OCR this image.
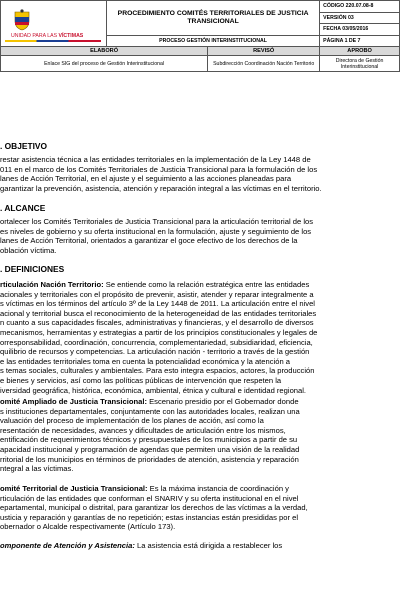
UNIDAD PARA LAS VÍCTIMAS	PROCEDIMIENTO COMITÉS TERRITORIALES DE JUSTICIA TRANSICIONAL		CÓDIGO 220.07.08-8
			VERSIÓN 03
			FECHA 03/05/2016
	PROCESO GESTIÓN INTERINSTITUCIONAL		PÁGINA 1 DE 7
ELABORÓ		REVISÓ	APROBO
Enlace SIG del proceso de Gestión Interinstitucional		Subdirección Coordinación Nación Territorio	Directora de Gestión Interinstitucional
. OBJETIVO
restar asistencia técnica a las entidades territoriales en la implementación de la Ley 1448 de
011 en el marco de los Comités Territoriales de Justicia Transicional para la formulación de los
lanes de Acción Territorial, en el ajuste y el seguimiento a las acciones planeadas para
garantizar la prevención, asistencia, atención y reparación integral a las víctimas en el territorio.
. ALCANCE
ortalecer los Comités Territoriales de Justicia Transicional para la articulación territorial de los
es niveles de gobierno y su oferta institucional en la formulación, ajuste y seguimiento de los
lanes de Acción Territorial, orientados a garantizar el goce efectivo de los derechos de la
oblación víctima.
. DEFINICIONES
rticulación Nación Territorio: Se entiende como la relación estratégica entre las entidades
acionales y territoriales con el propósito de prevenir, asistir, atender y reparar integralmente a
s víctimas en los términos del artículo 3º de la Ley 1448 de 2011. La articulación entre el nivel
acional y territorial busca el reconocimiento de la heterogeneidad de las entidades territoriales
n cuanto a sus capacidades fiscales, administrativas y financieras, y el desarrollo de diversos
mecanismos, herramientas y estrategias a partir de los principios constitucionales y legales de
orresponsabilidad, coordinación, concurrencia, complementariedad, subsidiaridad, eficiencia,
quilibrio de recursos y competencias. La articulación nación - territorio a través de la gestión
e las entidades territoriales toma en cuenta la potencialidad económica y la atención a
s temas sociales, culturales y ambientales. Para esto integra espacios, actores, la producción
e bienes y servicios, así como las políticas públicas de intervención que respeten la
iversidad geográfica, histórica, económica, ambiental, étnica y cultural e identidad regional.
omité Ampliado de Justicia Transicional: Escenario presidio por el Gobernador donde
s instituciones departamentales, conjuntamente con las autoridades locales, realizan una
valuación del proceso de implementación de los planes de acción, así como la
resentación de necesidades, avances y dificultades de articulación entre los mismos,
entificación de requerimientos técnicos y presupuestales de los municipios a partir de su
apacidad institucional y programación de agendas que permiten una visión de la realidad
rritorial de los municipios en términos de prioridades de atención, asistencia y reparación
ntegral a las víctimas.
omité Territorial de Justicia Transicional: Es la máxima instancia de coordinación y
rticulación de las entidades que conforman el SNARIV y su oferta institucional en el nivel
epartamental, municipal o distrital, para garantizar los derechos de las víctimas a la verdad,
usticia y reparación y garantías de no repetición; estas instancias están presididas por el
obernador o Alcalde respectivamente (Artículo 173).
omponente de Atención y Asistencia: La asistencia está dirigida a restablecer los
